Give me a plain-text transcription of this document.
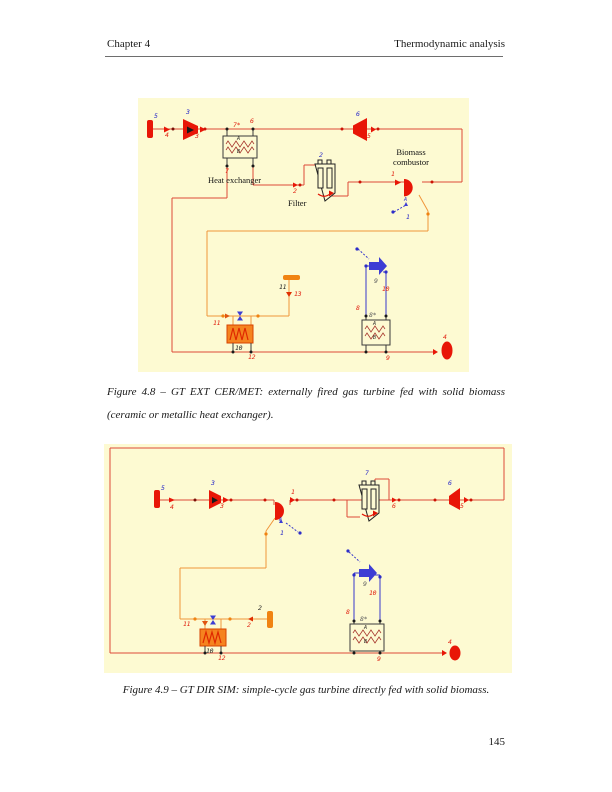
Chapter 4	Thermodynamic analysis
5
4
3
3
7* 6
7
A
B
Heat exchanger
2
2
Filter
6
5
Biomass combustor
1
A
1
11
13
11
10
12
9
10
8
8*
A
B
9
4
Figure 4.8 – GT EXT CER/MET: externally fired gas turbine fed with solid biomass
(ceramic or metallic heat exchanger).
5
4
3
3
1
A
1
7
6
6
5
2
2
11
10
12
9
10
8
8*
A
B
9
4
Figure 4.9 – GT DIR SIM: simple-cycle gas turbine directly fed with solid biomass.
145
